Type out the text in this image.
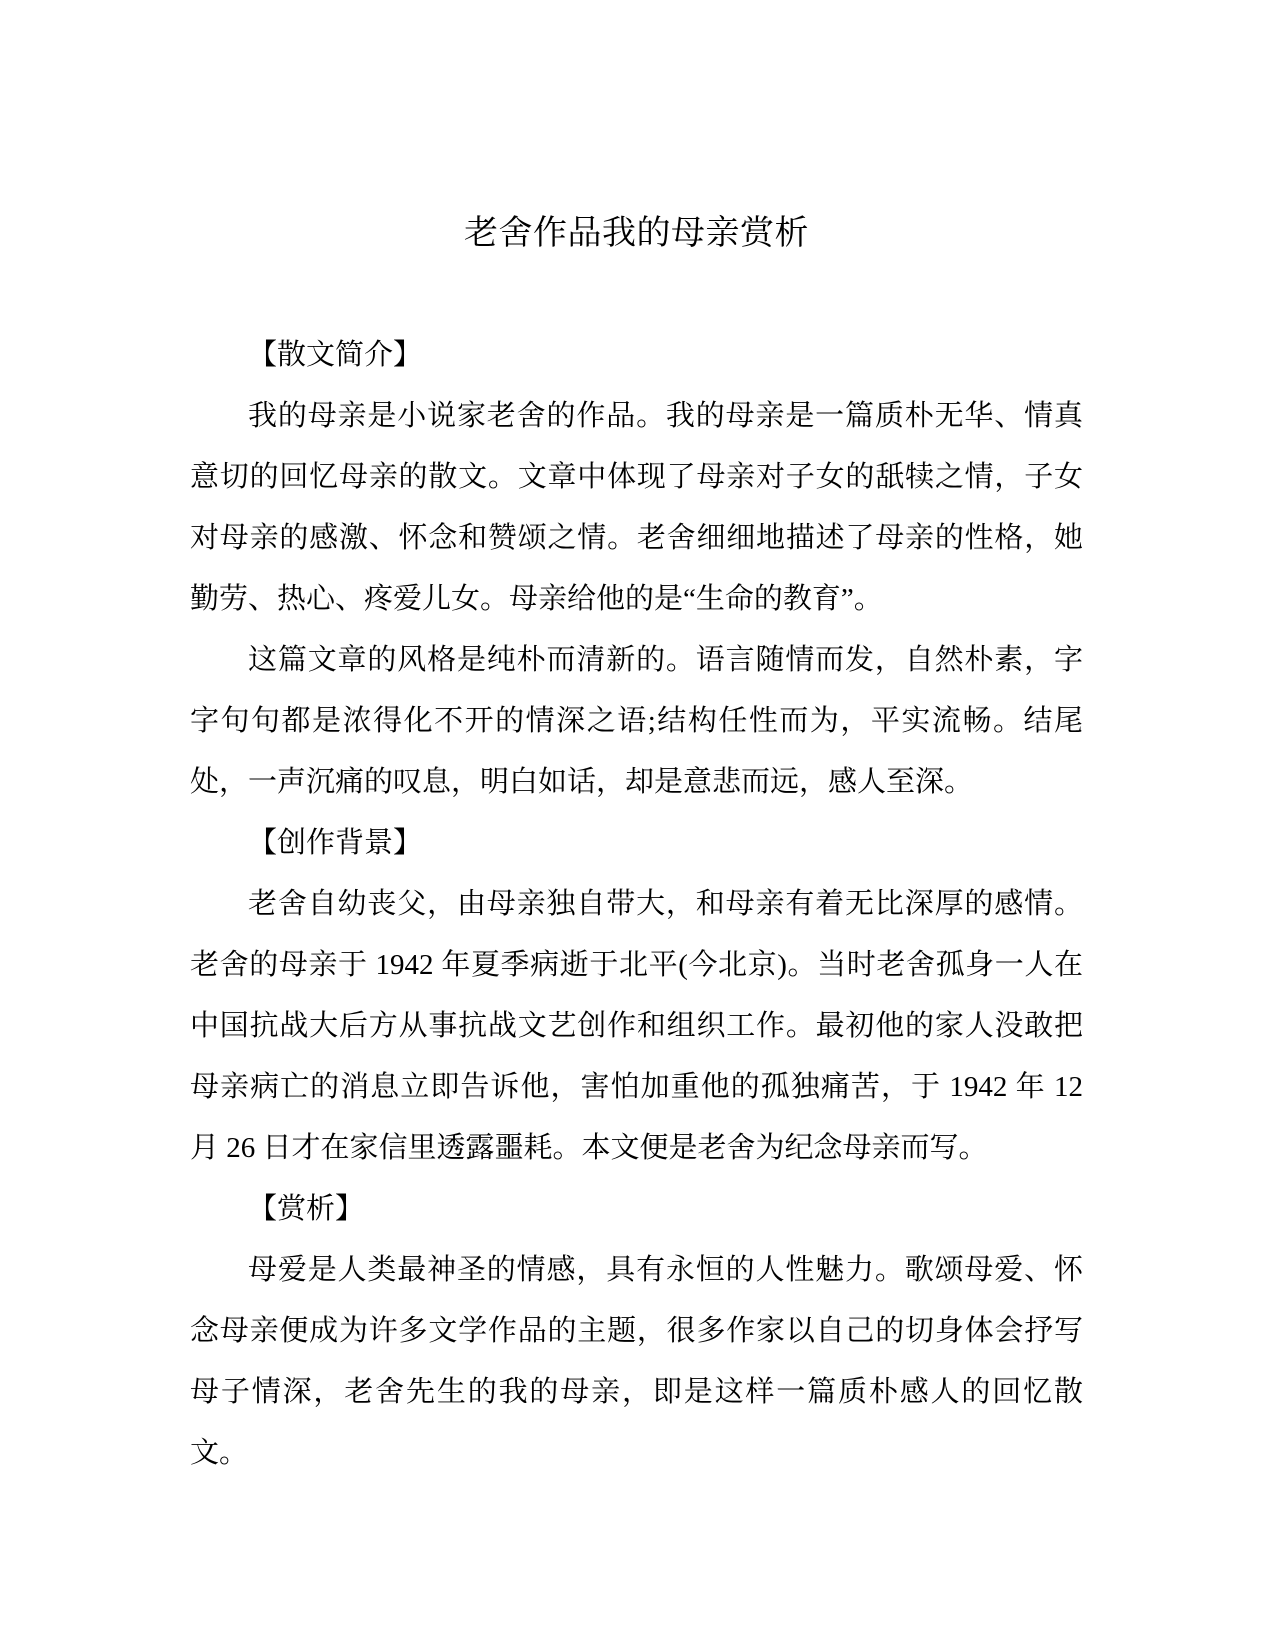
老舍作品我的母亲赏析

【散文简介】

我的母亲是小说家老舍的作品。我的母亲是一篇质朴无华、情真意切的回忆母亲的散文。文章中体现了母亲对子女的舐犊之情，子女对母亲的感激、怀念和赞颂之情。老舍细细地描述了母亲的性格，她勤劳、热心、疼爱儿女。母亲给他的是“生命的教育”。

这篇文章的风格是纯朴而清新的。语言随情而发，自然朴素，字字句句都是浓得化不开的情深之语;结构任性而为，平实流畅。结尾处，一声沉痛的叹息，明白如话，却是意悲而远，感人至深。

【创作背景】

老舍自幼丧父，由母亲独自带大，和母亲有着无比深厚的感情。老舍的母亲于 1942 年夏季病逝于北平(今北京)。当时老舍孤身一人在中国抗战大后方从事抗战文艺创作和组织工作。最初他的家人没敢把母亲病亡的消息立即告诉他，害怕加重他的孤独痛苦，于 1942 年 12 月 26 日才在家信里透露噩耗。本文便是老舍为纪念母亲而写。

【赏析】

母爱是人类最神圣的情感，具有永恒的人性魅力。歌颂母爱、怀念母亲便成为许多文学作品的主题，很多作家以自己的切身体会抒写母子情深，老舍先生的我的母亲，即是这样一篇质朴感人的回忆散文。
